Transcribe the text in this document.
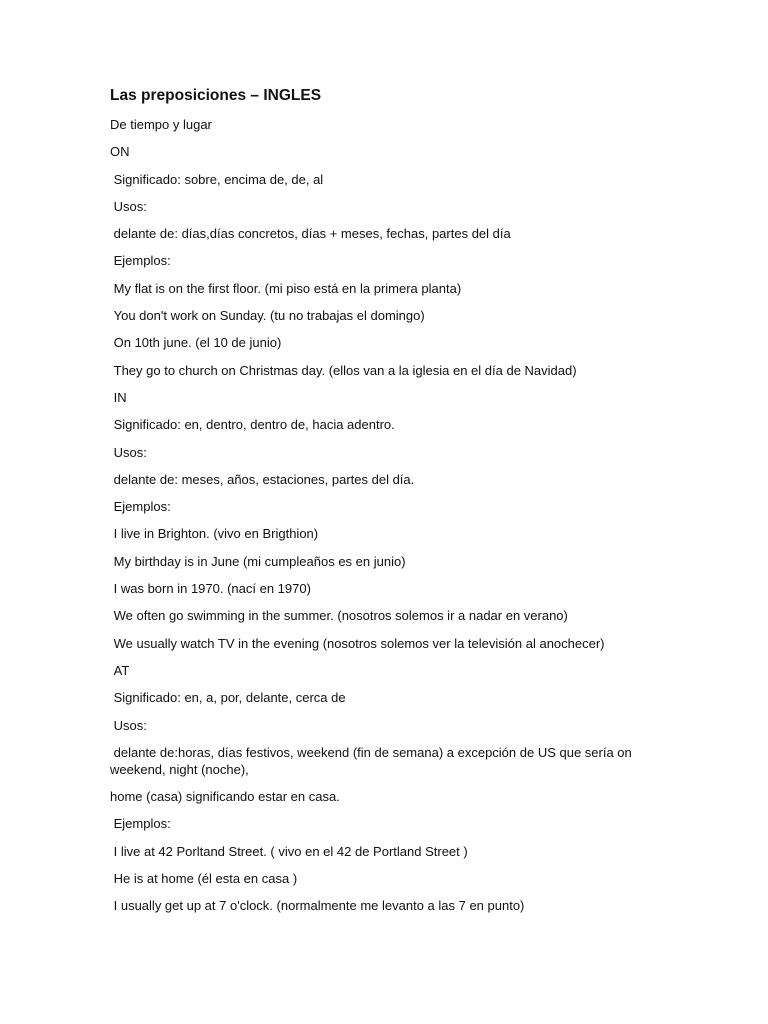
Las preposiciones – INGLES
De tiempo y lugar
ON
Significado: sobre, encima de, de, al
Usos:
delante de: días,días concretos, días + meses, fechas, partes del día
Ejemplos:
My flat is on the first floor. (mi piso está en la primera planta)
You don't work on Sunday. (tu no trabajas el domingo)
On 10th june. (el 10 de junio)
They go to church on Christmas day. (ellos van a la iglesia en el día de Navidad)
IN
Significado: en, dentro, dentro de, hacia adentro.
Usos:
delante de: meses, años, estaciones, partes del día.
Ejemplos:
I live in Brighton. (vivo en Brigthion)
My birthday is in June (mi cumpleaños es en junio)
I was born in 1970. (nací en 1970)
We often go swimming in the summer. (nosotros solemos ir a nadar en verano)
We usually watch TV in the evening (nosotros solemos ver la televisión al anochecer)
AT
Significado: en, a, por, delante, cerca de
Usos:
delante de:horas, días festivos, weekend (fin de semana) a excepción de US que sería on weekend, night (noche),
home (casa) significando estar en casa.
Ejemplos:
I live at 42 Porltand Street. ( vivo en el 42 de Portland Street )
He is at home (él esta en casa )
I usually get up at 7 o'clock. (normalmente me levanto a las 7 en punto)
